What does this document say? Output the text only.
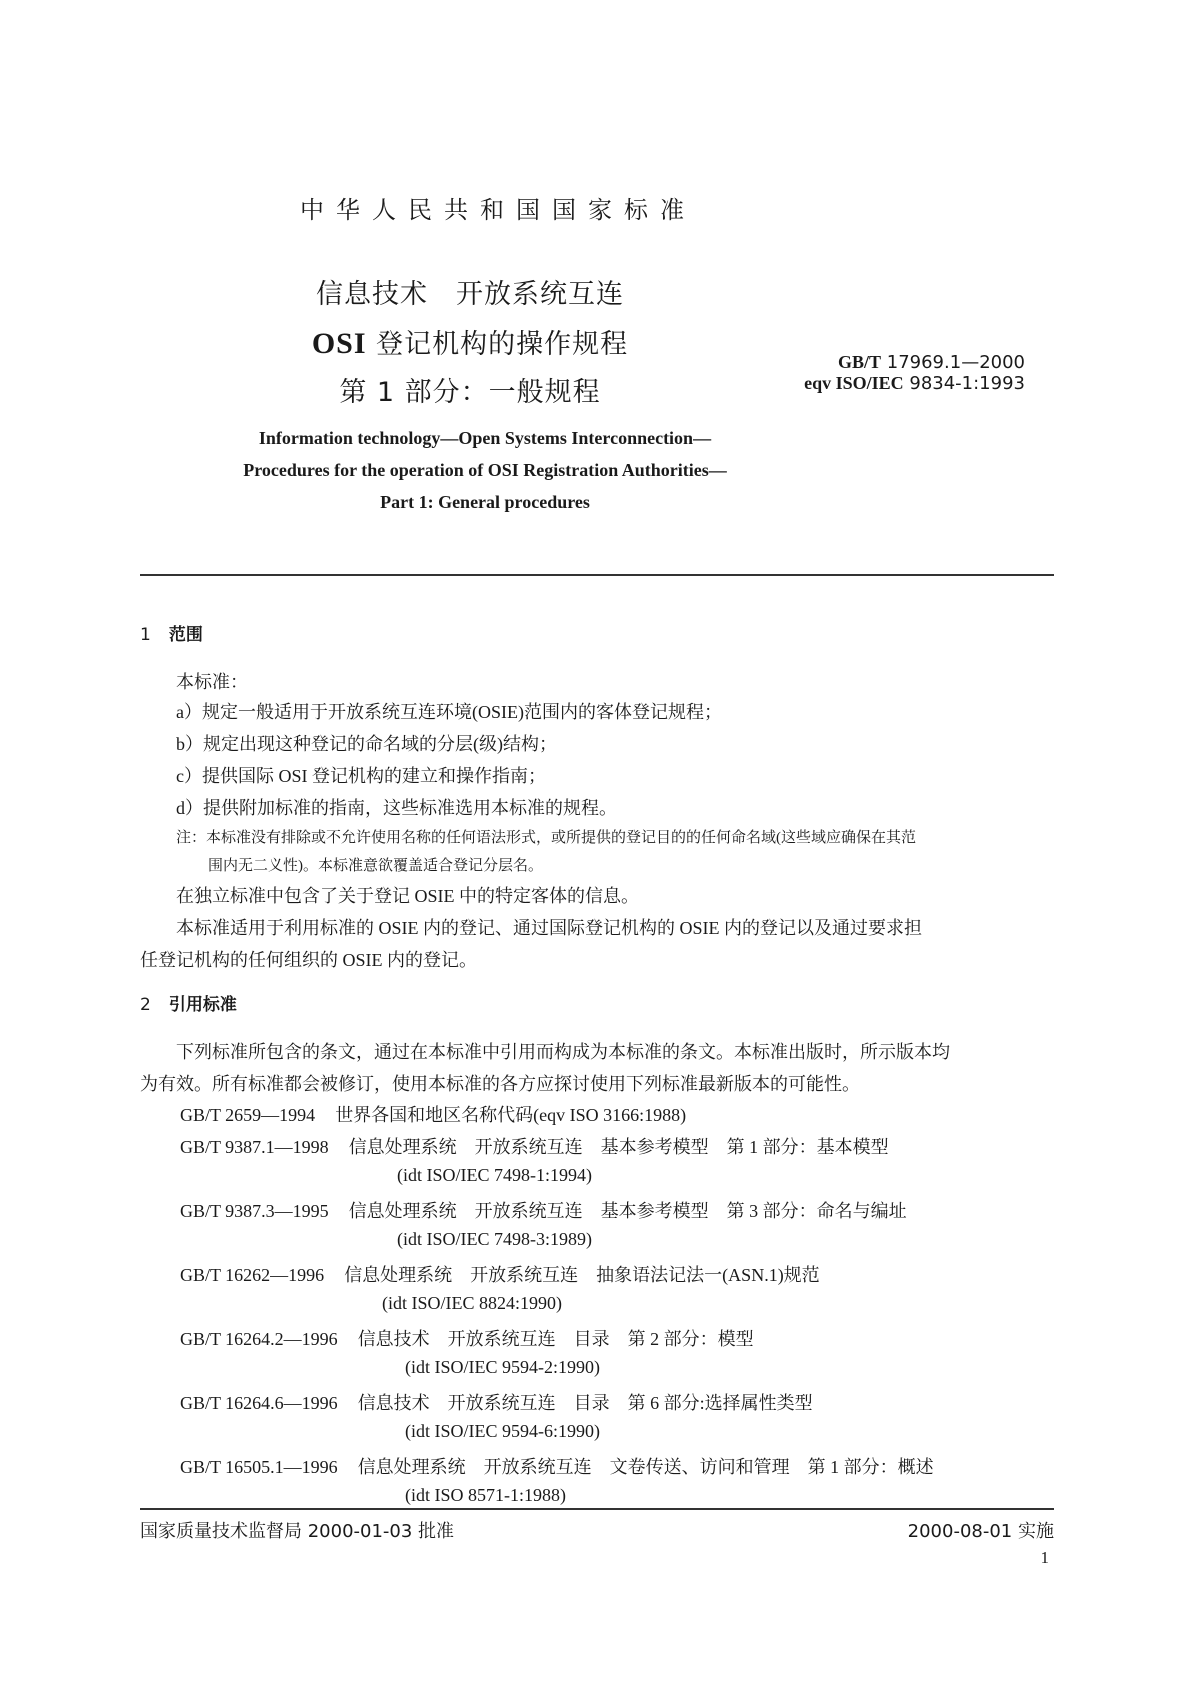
中华人民共和国国家标准
信息技术　开放系统互连
OSI 登记机构的操作规程
第 1 部分：一般规程
GB/T 17969.1—2000
eqv ISO/IEC 9834-1:1993
Information technology—Open Systems Interconnection—
Procedures for the operation of OSI Registration Authorities—
Part 1: General procedures
1 范围
本标准：
a）规定一般适用于开放系统互连环境(OSIE)范围内的客体登记规程；
b）规定出现这种登记的命名域的分层(级)结构；
c）提供国际 OSI 登记机构的建立和操作指南；
d）提供附加标准的指南，这些标准选用本标准的规程。
注：本标准没有排除或不允许使用名称的任何语法形式，或所提供的登记目的的任何命名域(这些域应确保在其范
围内无二义性)。本标准意欲覆盖适合登记分层名。
在独立标准中包含了关于登记 OSIE 中的特定客体的信息。
本标准适用于利用标准的 OSIE 内的登记、通过国际登记机构的 OSIE 内的登记以及通过要求担
任登记机构的任何组织的 OSIE 内的登记。
2 引用标准
下列标准所包含的条文，通过在本标准中引用而构成为本标准的条文。本标准出版时，所示版本均
为有效。所有标准都会被修订，使用本标准的各方应探讨使用下列标准最新版本的可能性。
GB/T 2659—1994 世界各国和地区名称代码(eqv ISO 3166:1988)
GB/T 9387.1—1998 信息处理系统　开放系统互连　基本参考模型　第 1 部分：基本模型
(idt ISO/IEC 7498-1:1994)
GB/T 9387.3—1995 信息处理系统　开放系统互连　基本参考模型　第 3 部分：命名与编址
(idt ISO/IEC 7498-3:1989)
GB/T 16262—1996 信息处理系统　开放系统互连　抽象语法记法一(ASN.1)规范
(idt ISO/IEC 8824:1990)
GB/T 16264.2—1996 信息技术　开放系统互连　目录　第 2 部分：模型
(idt ISO/IEC 9594-2:1990)
GB/T 16264.6—1996 信息技术　开放系统互连　目录　第 6 部分:选择属性类型
(idt ISO/IEC 9594-6:1990)
GB/T 16505.1—1996 信息处理系统　开放系统互连　文卷传送、访问和管理　第 1 部分：概述
(idt ISO 8571-1:1988)
国家质量技术监督局 2000-01-03 批准	2000-08-01 实施
1
